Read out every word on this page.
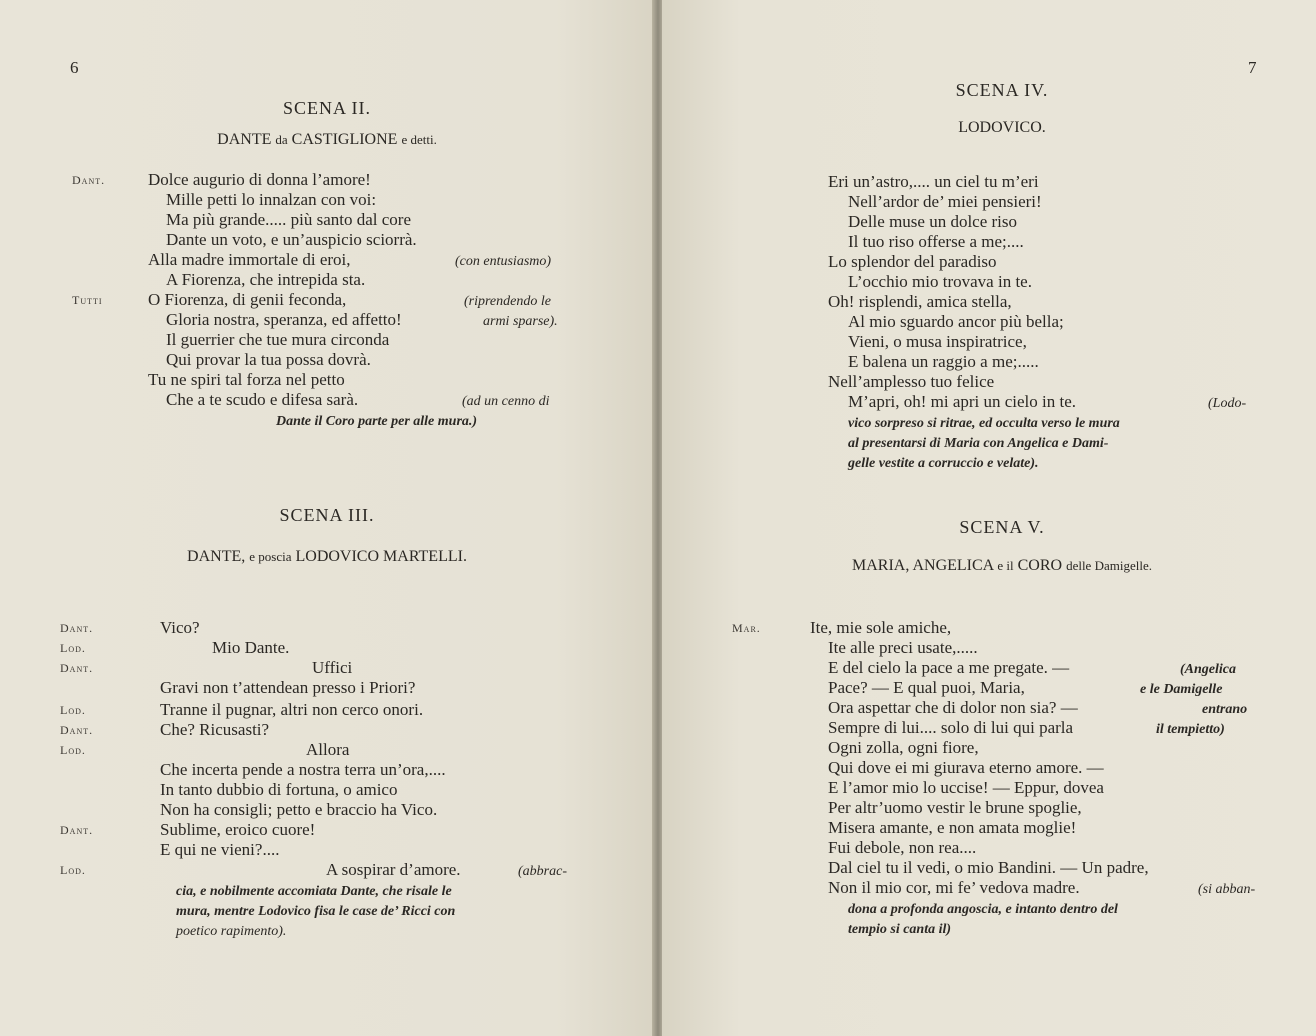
6
SCENA II.
DANTE da CASTIGLIONE e detti.
Dant.	Dolce augurio di donna l’amore!
Mille petti lo innalzan con voi:
Ma più grande..... più santo dal core
Dante un voto, e un’auspicio sciorrà.
Alla madre immortale di eroi,	(con entusiasmo)
A Fiorenza, che intrepida sta.
Tutti	O Fiorenza, di genii feconda,	(riprendendo le
Gloria nostra, speranza, ed affetto!	armi sparse).
Il guerrier che tue mura circonda
Qui provar la tua possa dovrà.
Tu ne spiri tal forza nel petto
Che a te scudo e difesa sarà.	(ad un cenno di
Dante il Coro parte per alle mura.)
SCENA III.
DANTE, e poscia LODOVICO MARTELLI.
Dant.	Vico?
Lod.	Mio Dante.
Dant.	Uffici
Gravi non t’attendean presso i Priori?
Lod.	Tranne il pugnar, altri non cerco onori.
Dant.	Che? Ricusasti?
Lod.	Allora
Che incerta pende a nostra terra un’ora,....
In tanto dubbio di fortuna, o amico
Non ha consigli; petto e braccio ha Vico.
Dant.	Sublime, eroico cuore!
E qui ne vieni?....
Lod.	A sospirar d’amore.	(abbrac-
cia, e nobilmente accomiata Dante, che risale le
mura, mentre Lodovico fisa le case de’ Ricci con
poetico rapimento).
7
SCENA IV.
LODOVICO.
Eri un’astro,.... un ciel tu m’eri
Nell’ardor de’ miei pensieri!
Delle muse un dolce riso
Il tuo riso offerse a me;....
Lo splendor del paradiso
L’occhio mio trovava in te.
Oh! risplendi, amica stella,
Al mio sguardo ancor più bella;
Vieni, o musa inspiratrice,
E balena un raggio a me;.....
Nell’amplesso tuo felice
M’apri, oh! mi apri un cielo in te.	(Lodo-
vico sorpreso si ritrae, ed occulta verso le mura
al presentarsi di Maria con Angelica e Dami-
gelle vestite a corruccio e velate).
SCENA V.
MARIA, ANGELICA e il CORO delle Damigelle.
Mar.	Ite, mie sole amiche,
Ite alle preci usate,.....
E del cielo la pace a me pregate. —	(Angelica
Pace? — E qual puoi, Maria,	e le Damigelle
Ora aspettar che di dolor non sia? —	entrano
Sempre di lui.... solo di lui qui parla	il tempietto)
Ogni zolla, ogni fiore,
Qui dove ei mi giurava eterno amore. —
E l’amor mio lo uccise! — Eppur, dovea
Per altr’uomo vestir le brune spoglie,
Misera amante, e non amata moglie!
Fui debole, non rea....
Dal ciel tu il vedi, o mio Bandini. — Un padre,
Non il mio cor, mi fe’ vedova madre.	(si abban-
dona a profonda angoscia, e intanto dentro del
tempio si canta il)
